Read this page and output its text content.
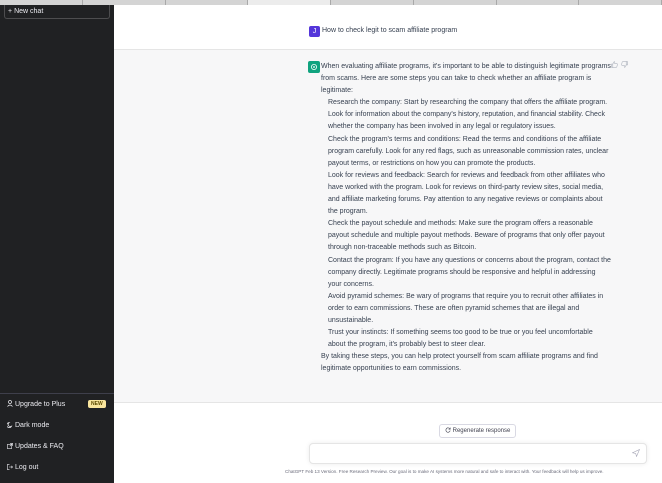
+ New chat
Upgrade to Plus	NEW
Dark mode
Updates & FAQ
Log out
J How to check legit to scam affiliate program

When evaluating affiliate programs, it's important to be able to distinguish legitimate programs from scams. Here are some steps you can take to check whether an affiliate program is legitimate:

Research the company: Start by researching the company that offers the affiliate program. Look for information about the company's history, reputation, and financial stability. Check whether the company has been involved in any legal or regulatory issues.

Check the program's terms and conditions: Read the terms and conditions of the affiliate program carefully. Look for any red flags, such as unreasonable commission rates, unclear payout terms, or restrictions on how you can promote the products.

Look for reviews and feedback: Search for reviews and feedback from other affiliates who have worked with the program. Look for reviews on third-party review sites, social media, and affiliate marketing forums. Pay attention to any negative reviews or complaints about the program.

Check the payout schedule and methods: Make sure the program offers a reasonable payout schedule and multiple payout methods. Beware of programs that only offer payout through non-traceable methods such as Bitcoin.

Contact the program: If you have any questions or concerns about the program, contact the company directly. Legitimate programs should be responsive and helpful in addressing your concerns.

Avoid pyramid schemes: Be wary of programs that require you to recruit other affiliates in order to earn commissions. These are often pyramid schemes that are illegal and unsustainable.

Trust your instincts: If something seems too good to be true or you feel uncomfortable about the program, it's probably best to steer clear.

By taking these steps, you can help protect yourself from scam affiliate programs and find legitimate opportunities to earn commissions.

Regenerate response
ChatGPT Feb 13 Version. Free Research Preview. Our goal is to make AI systems more natural and safe to interact with. Your feedback will help us improve.
